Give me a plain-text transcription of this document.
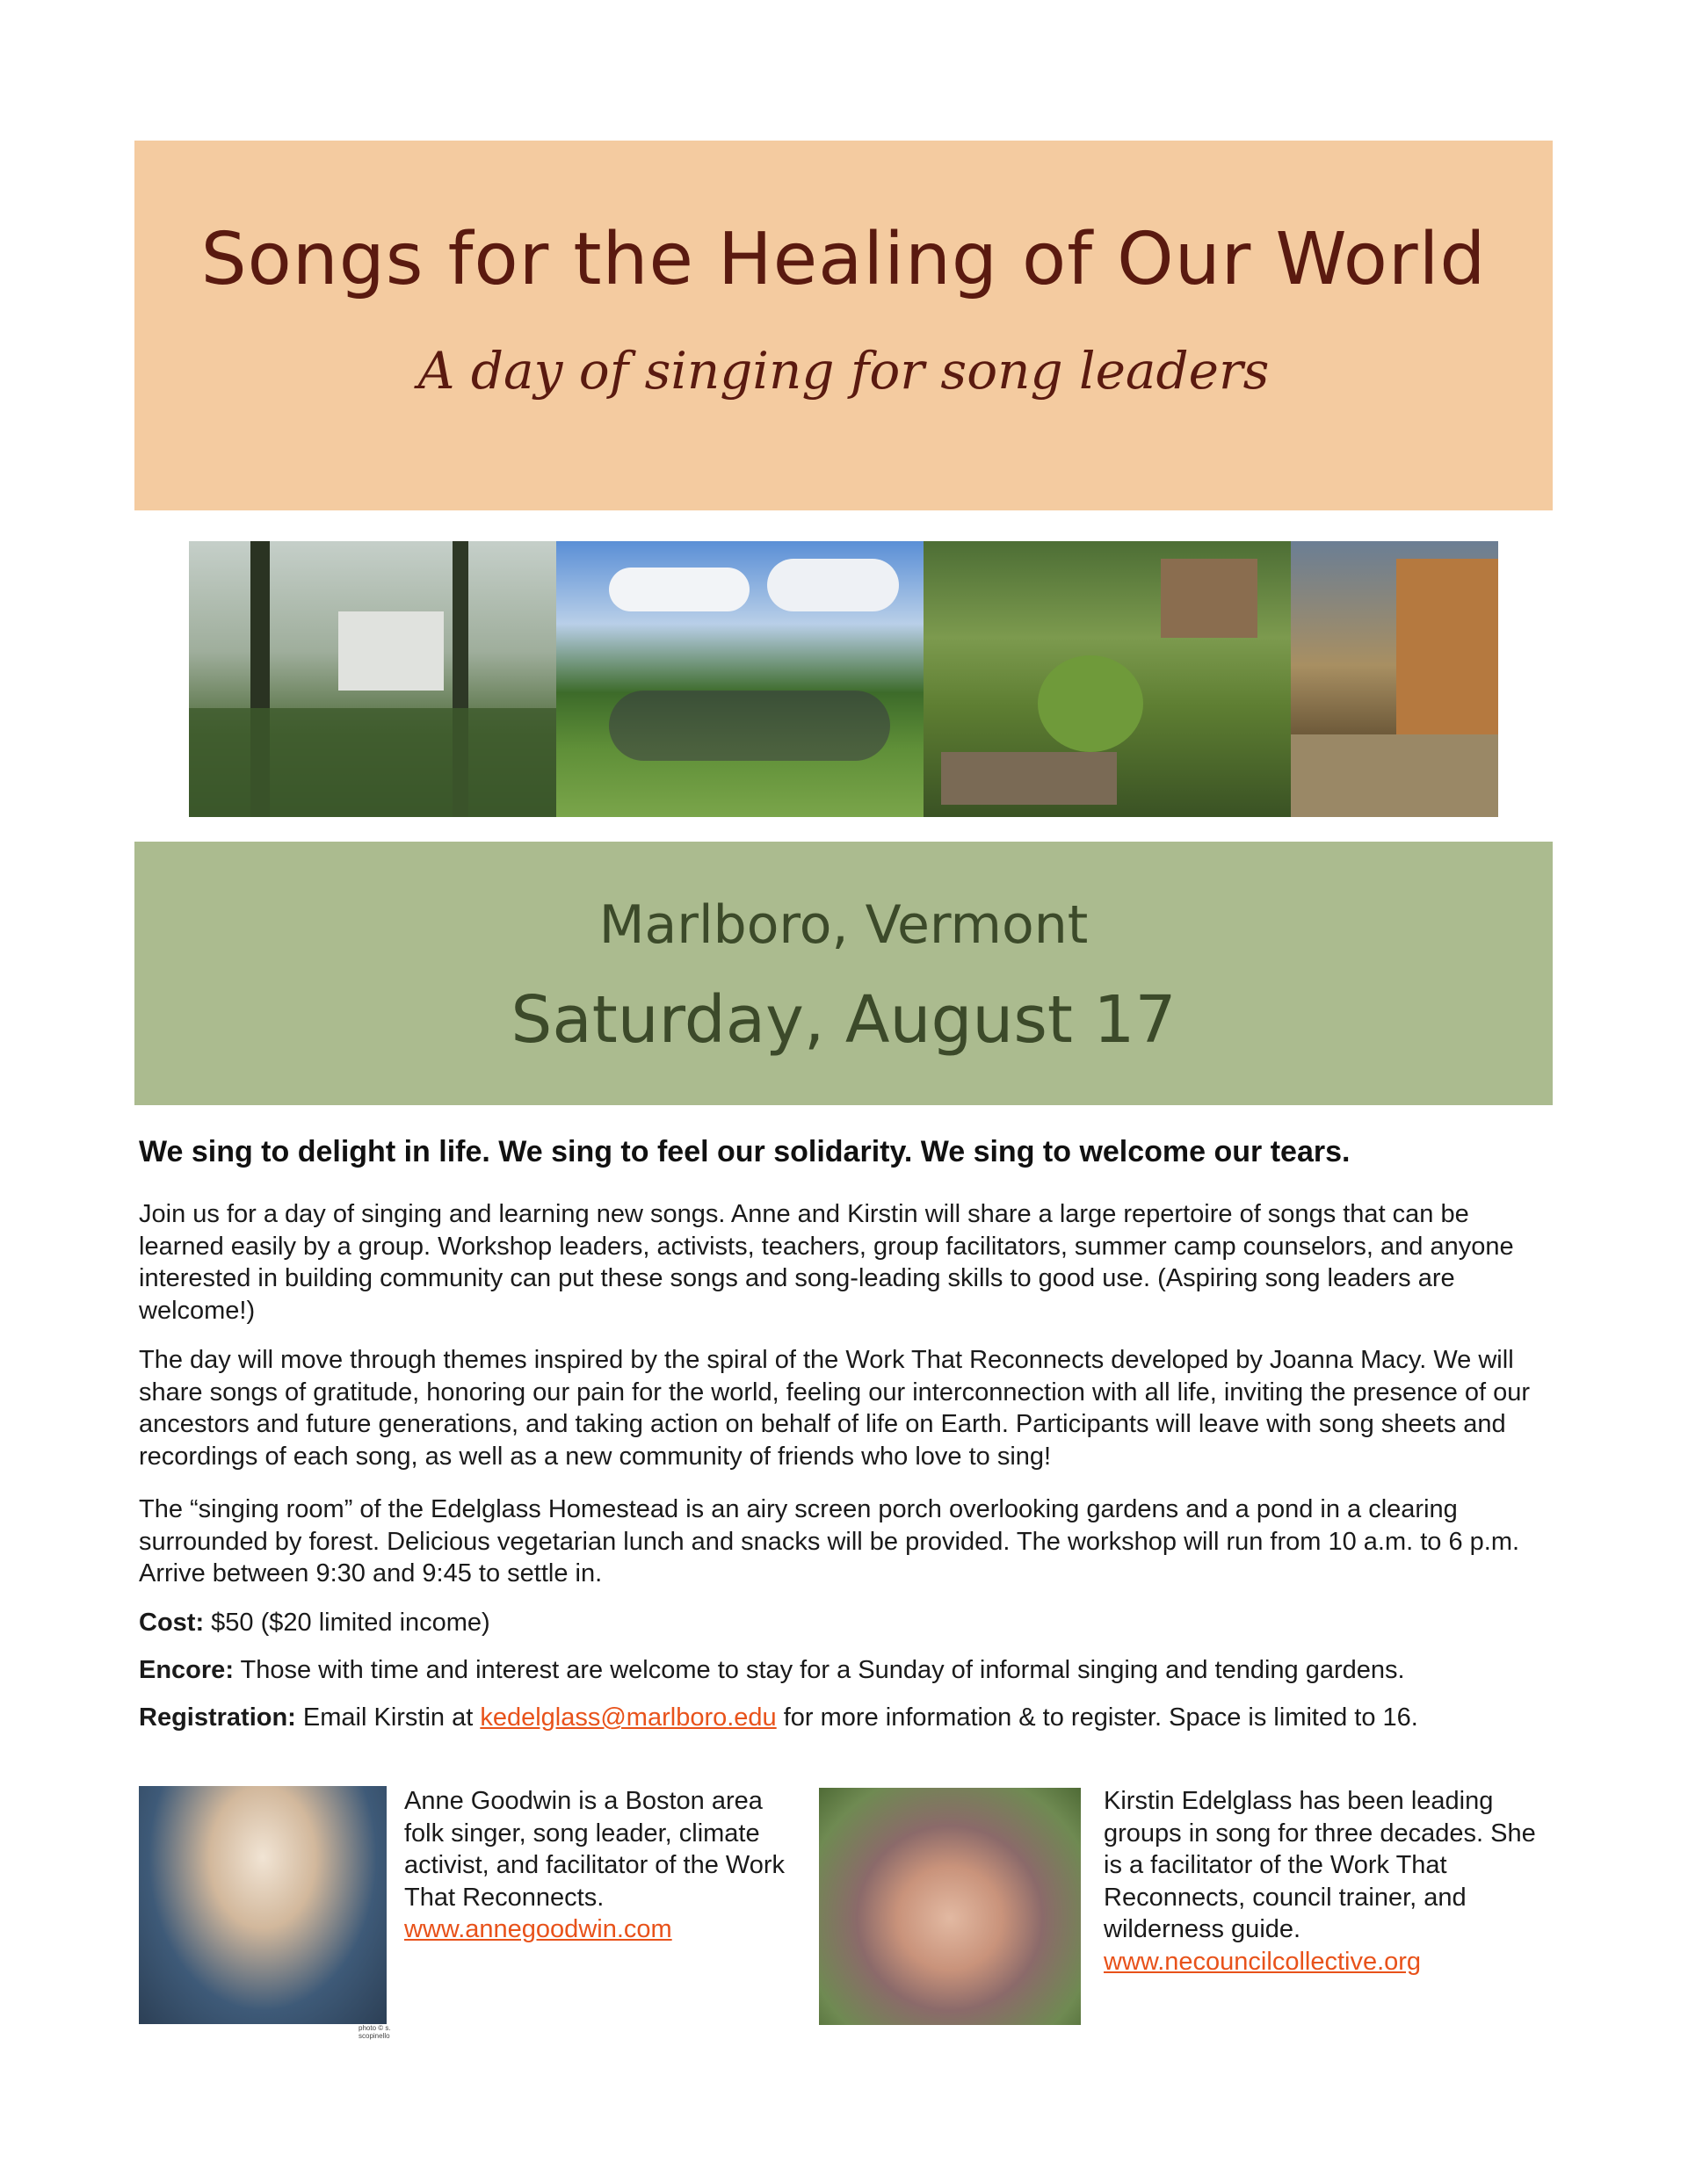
Songs for the Healing of Our World
A day of singing for song leaders
Marlboro, Vermont
Saturday, August 17
We sing to delight in life. We sing to feel our solidarity. We sing to welcome our tears.

Join us for a day of singing and learning new songs. Anne and Kirstin will share a large repertoire of songs that can be learned easily by a group. Workshop leaders, activists, teachers, group facilitators, summer camp counselors, and anyone interested in building community can put these songs and song-leading skills to good use. (Aspiring song leaders are welcome!)

The day will move through themes inspired by the spiral of the Work That Reconnects developed by Joanna Macy. We will share songs of gratitude, honoring our pain for the world, feeling our interconnection with all life, inviting the presence of our ancestors and future generations, and taking action on behalf of life on Earth. Participants will leave with song sheets and recordings of each song, as well as a new community of friends who love to sing!

The “singing room” of the Edelglass Homestead is an airy screen porch overlooking gardens and a pond in a clearing surrounded by forest. Delicious vegetarian lunch and snacks will be provided. The workshop will run from 10 a.m. to 6 p.m. Arrive between 9:30 and 9:45 to settle in.

Cost: $50 ($20 limited income)

Encore: Those with time and interest are welcome to stay for a Sunday of informal singing and tending gardens.

Registration: Email Kirstin at kedelglass@marlboro.edu for more information & to register. Space is limited to 16.

photo © s. scopinello
Anne Goodwin is a Boston area folk singer, song leader, climate activist, and facilitator of the Work That Reconnects.
www.annegoodwin.com
Kirstin Edelglass has been leading groups in song for three decades. She is a facilitator of the Work That Reconnects, council trainer, and wilderness guide.
www.necouncilcollective.org
